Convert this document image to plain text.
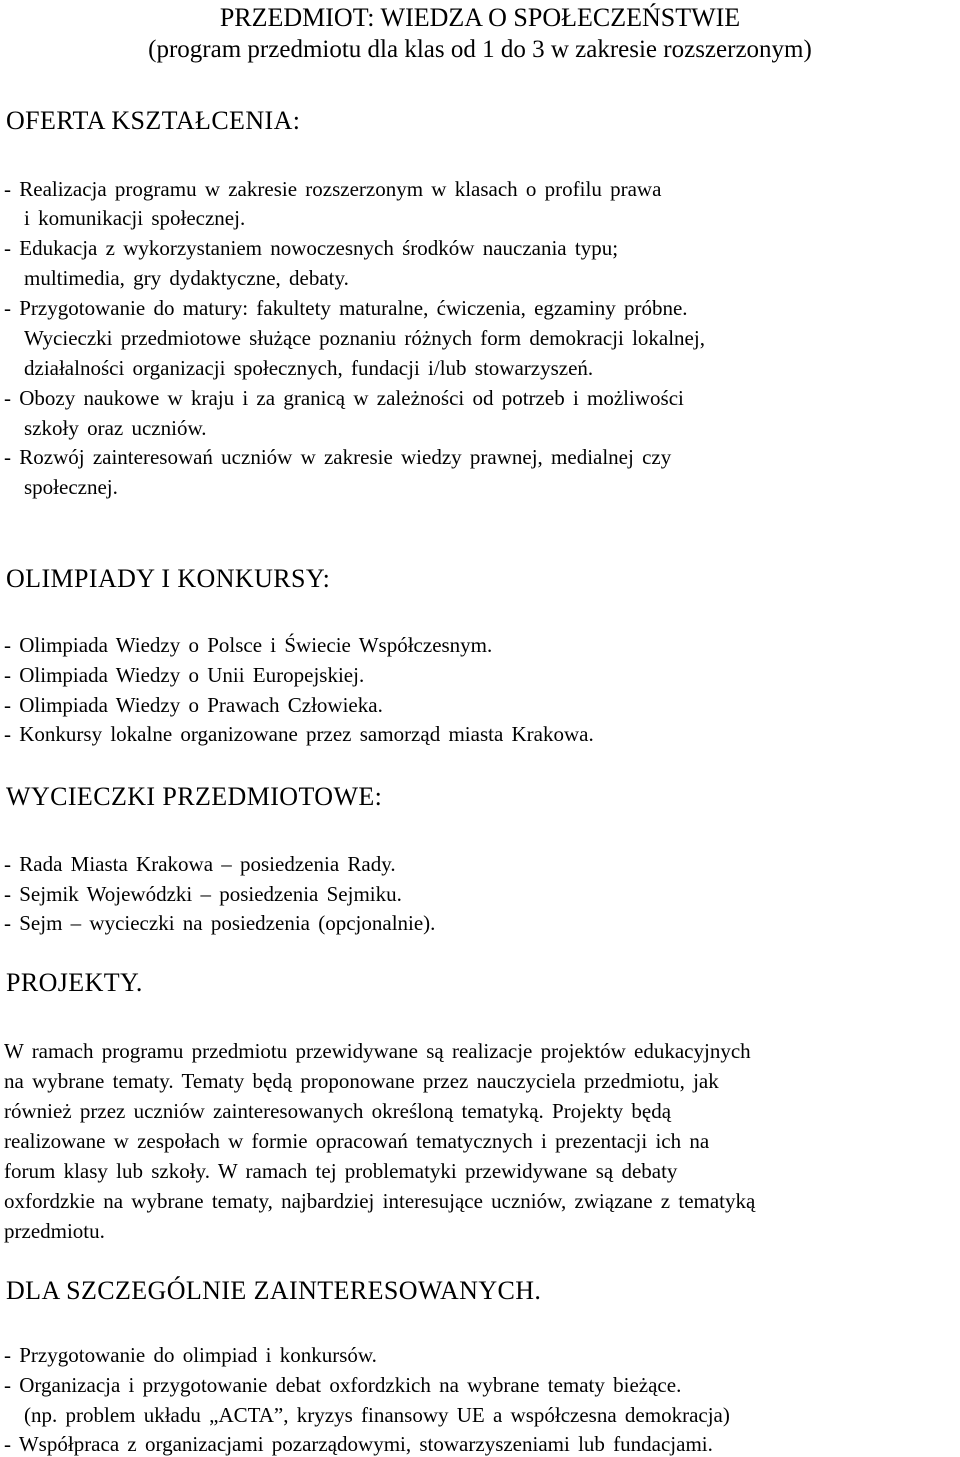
PRZEDMIOT: WIEDZA O SPOŁECZEŃSTWIE
(program przedmiotu dla klas od 1 do 3 w zakresie rozszerzonym)
OFERTA KSZTAŁCENIA:
- Realizacja programu w zakresie rozszerzonym w klasach o profilu prawa
i komunikacji społecznej.
- Edukacja z wykorzystaniem nowoczesnych środków nauczania typu;
multimedia, gry dydaktyczne, debaty.
- Przygotowanie do matury: fakultety maturalne, ćwiczenia, egzaminy próbne.
Wycieczki przedmiotowe służące poznaniu różnych form demokracji lokalnej,
działalności organizacji społecznych, fundacji i/lub stowarzyszeń.
- Obozy naukowe w kraju i za granicą w zależności od potrzeb i możliwości
szkoły oraz uczniów.
- Rozwój zainteresowań uczniów w zakresie wiedzy prawnej, medialnej czy
społecznej.
OLIMPIADY I KONKURSY:
- Olimpiada Wiedzy o Polsce i Świecie Współczesnym.
- Olimpiada Wiedzy o Unii Europejskiej.
- Olimpiada Wiedzy o Prawach Człowieka.
- Konkursy lokalne organizowane przez samorząd miasta Krakowa.
WYCIECZKI PRZEDMIOTOWE:
- Rada Miasta Krakowa – posiedzenia Rady.
- Sejmik Wojewódzki – posiedzenia Sejmiku.
- Sejm – wycieczki na posiedzenia (opcjonalnie).
PROJEKTY.
W ramach programu przedmiotu przewidywane są realizacje projektów edukacyjnych
na wybrane tematy. Tematy będą proponowane przez nauczyciela przedmiotu, jak
również przez uczniów zainteresowanych określoną tematyką. Projekty będą
realizowane w zespołach w formie opracowań tematycznych i prezentacji ich na
forum klasy lub szkoły. W ramach tej problematyki przewidywane są debaty
oxfordzkie na wybrane tematy, najbardziej interesujące uczniów, związane z tematyką
przedmiotu.
DLA SZCZEGÓLNIE ZAINTERESOWANYCH.
- Przygotowanie do olimpiad i konkursów.
- Organizacja i przygotowanie debat oxfordzkich na wybrane tematy bieżące.
(np. problem układu „ACTA”, kryzys finansowy UE a współczesna demokracja)
- Współpraca z organizacjami pozarządowymi, stowarzyszeniami lub fundacjami.
